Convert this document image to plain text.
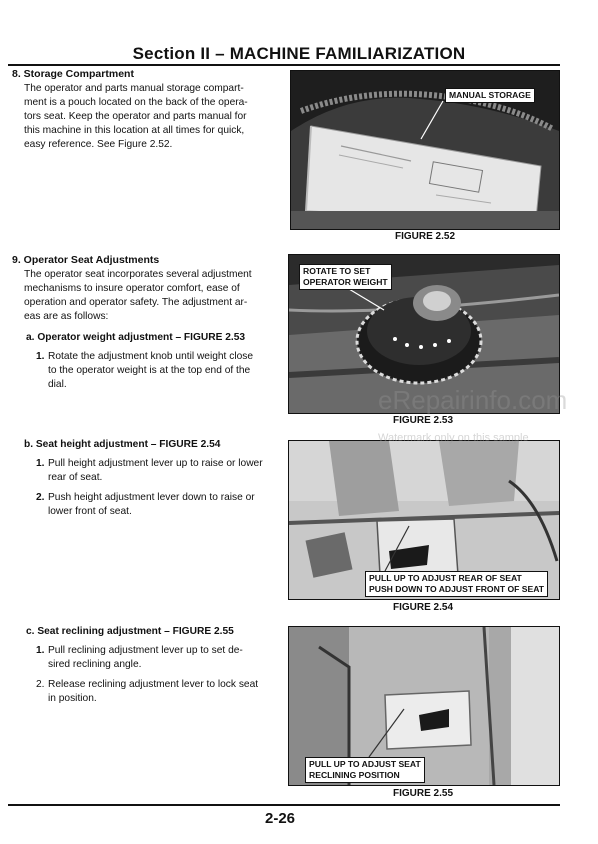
Section II – MACHINE FAMILIARIZATION
8. Storage Compartment
The operator and parts manual storage compart-
ment is a pouch located on the back of the opera-
tors seat. Keep the operator and parts manual for
this machine in this location at all times for quick,
easy reference. See Figure 2.52.
MANUAL STORAGE
FIGURE 2.52
9. Operator Seat Adjustments
The operator seat incorporates several adjustment
mechanisms to insure operator comfort, ease of
operation and operator safety. The adjustment ar-
eas are as follows:
a. Operator weight adjustment – FIGURE 2.53
1. Rotate the adjustment knob until weight close
to the operator weight is at the top end of the
dial.
ROTATE TO SET
OPERATOR WEIGHT
FIGURE 2.53
b. Seat height adjustment – FIGURE 2.54
1. Pull height adjustment lever up to raise or lower
rear of seat.
2. Push height adjustment lever down to raise or
lower front of seat.
PULL UP TO ADJUST REAR OF SEAT
PUSH DOWN TO ADJUST FRONT OF SEAT
FIGURE 2.54
c. Seat reclining adjustment – FIGURE 2.55
1. Pull reclining adjustment lever up to set de-
sired reclining angle.
2. Release reclining adjustment lever to lock seat
in position.
PULL UP TO ADJUST SEAT
RECLINING POSITION
FIGURE 2.55
eRepairinfo.com
Watermark only on this sample
2-26
